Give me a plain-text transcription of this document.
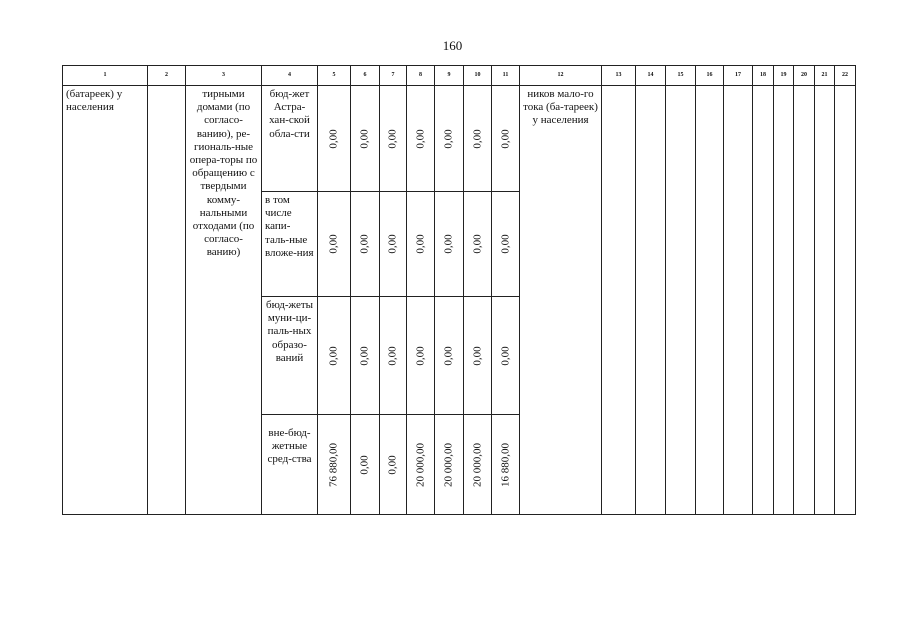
160
1	2	3	4	5	6	7	8	9	10	11	12	13	14	15	16	17	18	19	20	21	22

(батареек) у населения		тирными домами (по согласо-ванию), ре-гиональ-ные опера-торы по обращению с твердыми комму-нальными отходами (по согласо-ванию)	бюд-жет Астра-хан-ской обла-сти	0,00	0,00	0,00	0,00	0,00	0,00	0,00	ников мало-го тока (ба-тареек) у населения										

			в том числе капи-таль-ные вложе-ния	0,00	0,00	0,00	0,00	0,00	0,00	0,00											

			бюд-жеты муни-ци-паль-ных образо-ваний	0,00	0,00	0,00	0,00	0,00	0,00	0,00											

			вне-бюд-жетные сред-ства	76 880,00	0,00	0,00	20 000,00	20 000,00	20 000,00	16 880,00											
